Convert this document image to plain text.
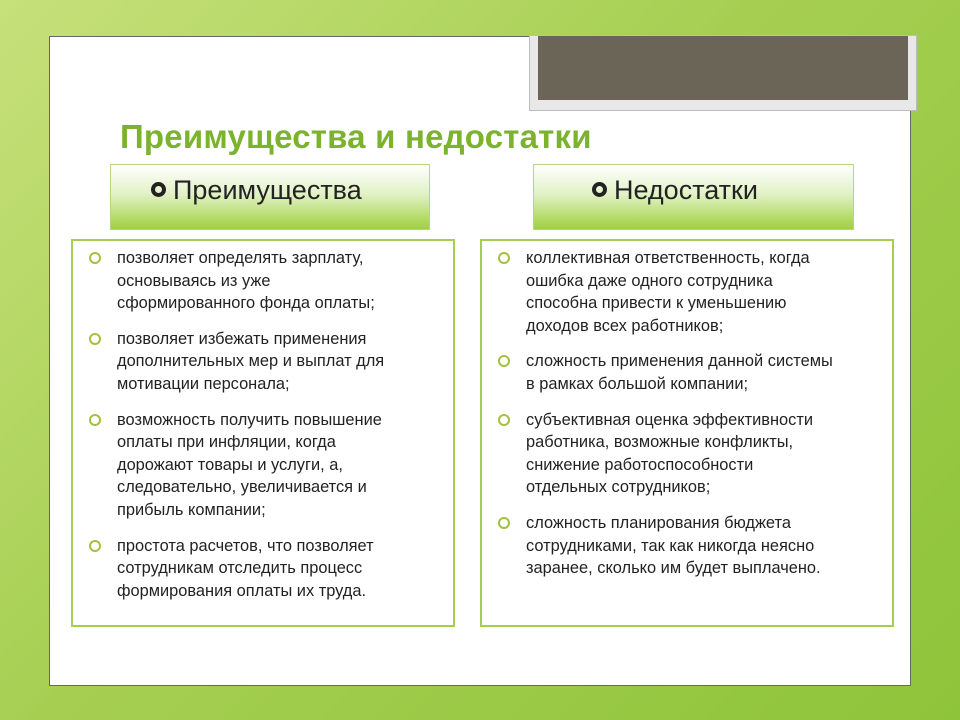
Преимущества и недостатки
Преимущества	Недостатки
позволяет определять зарплату,
основываясь из уже
сформированного фонда оплаты;
позволяет избежать применения
дополнительных мер и выплат для
мотивации персонала;
возможность получить повышение
оплаты при инфляции, когда
дорожают товары и услуги, а,
следовательно, увеличивается и
прибыль компании;
простота расчетов, что позволяет
сотрудникам отследить процесс
формирования оплаты их труда.
коллективная ответственность, когда
ошибка даже одного сотрудника
способна привести к уменьшению
доходов всех работников;
сложность применения данной системы
в рамках большой компании;
субъективная оценка эффективности
работника, возможные конфликты,
снижение работоспособности
отдельных сотрудников;
сложность планирования бюджета
сотрудниками, так как никогда неясно
заранее, сколько им будет выплачено.
